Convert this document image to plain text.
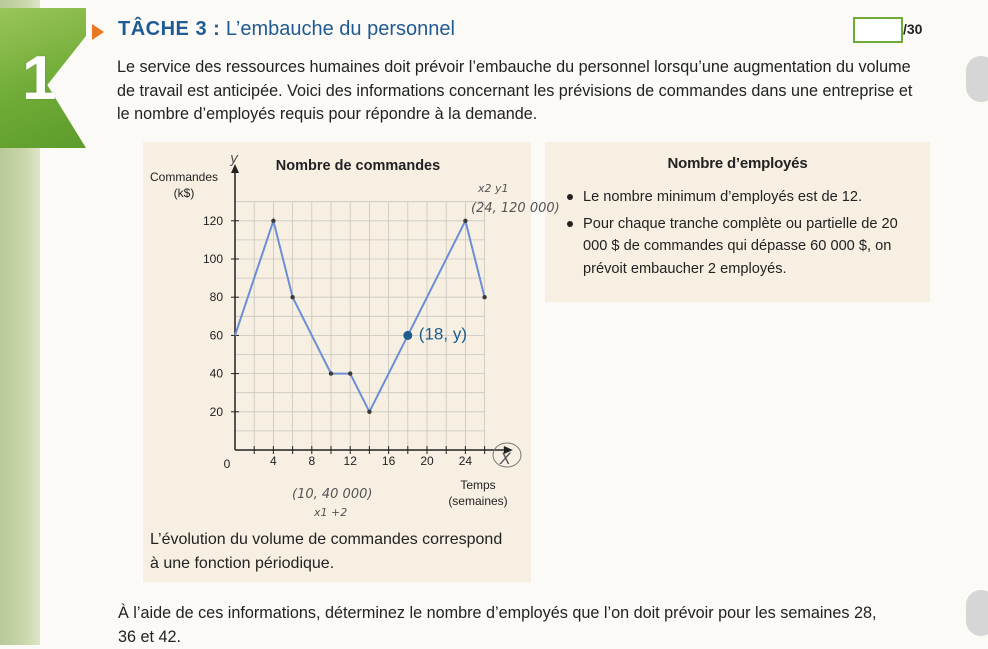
1
TÂCHE 3 : L’embauche du personnel	/30
Le service des ressources humaines doit prévoir l’embauche du personnel lorsqu’une augmentation du volume de travail est anticipée. Voici des informations concernant les prévisions de commandes dans une entreprise et le nombre d’employés requis pour répondre à la demande.
4	8 12 16 20 24
20
40
60
80
100
120
Nombre de commandes
Commandes
(k$)
Temps
(semaines)
0
y
X
x2 y1
(24, 120 000)
(10, 40 000)
x1 +2
(18, y)
Nombre d’employés
Le nombre minimum d’employés est de 12.
Pour chaque tranche complète ou partielle de 20 000 $ de commandes qui dépasse 60 000 $, on prévoit embaucher 2 employés.
L’évolution du volume de commandes correspond à une fonction périodique.
À l’aide de ces informations, déterminez le nombre d’employés que l’on doit prévoir pour les semaines 28, 36 et 42.
